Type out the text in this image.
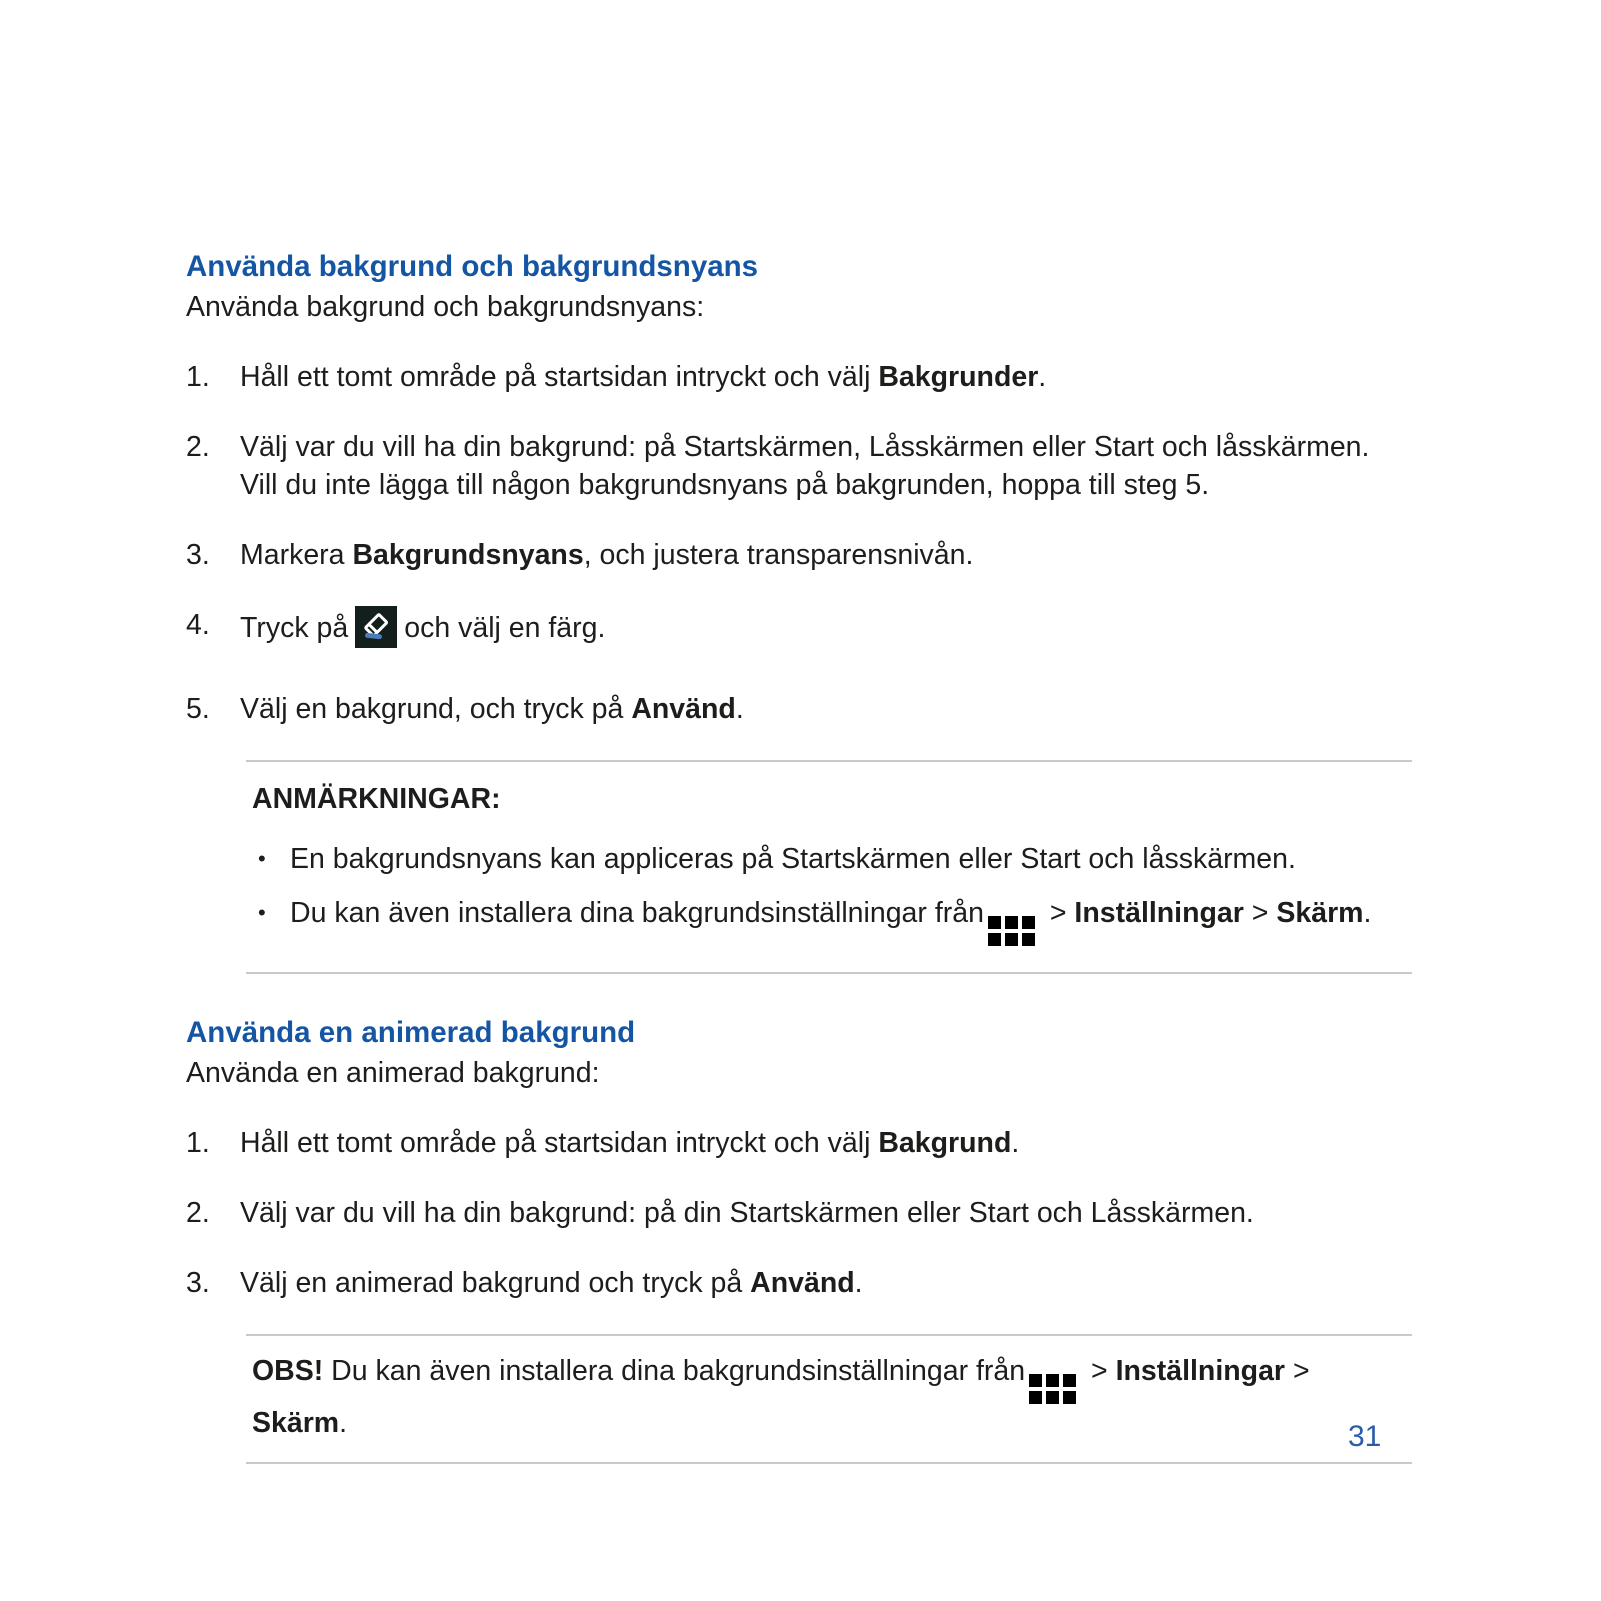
Använda bakgrund och bakgrundsnyans

Använda bakgrund och bakgrundsnyans:

1.	Håll ett tomt område på startsidan intryckt och välj Bakgrunder.
2.	Välj var du vill ha din bakgrund: på Startskärmen, Låsskärmen eller Start och låsskärmen. Vill du inte lägga till någon bakgrundsnyans på bakgrunden, hoppa till steg 5.
3.	Markera Bakgrundsnyans, och justera transparensnivån.
4.	Tryck på och välj en färg.
5.	Välj en bakgrund, och tryck på Använd.
ANMÄRKNINGAR:
• En bakgrundsnyans kan appliceras på Startskärmen eller Start och låsskärmen.
• Du kan även installera dina bakgrundsinställningar från
> Inställningar > Skärm.
Använda en animerad bakgrund

Använda en animerad bakgrund:

1.	Håll ett tomt område på startsidan intryckt och välj Bakgrund.
2.	Välj var du vill ha din bakgrund: på din Startskärmen eller Start och Låsskärmen.
3.	Välj en animerad bakgrund och tryck på Använd.
OBS! Du kan även installera dina bakgrundsinställningar från
> Inställningar > Skärm.	31
